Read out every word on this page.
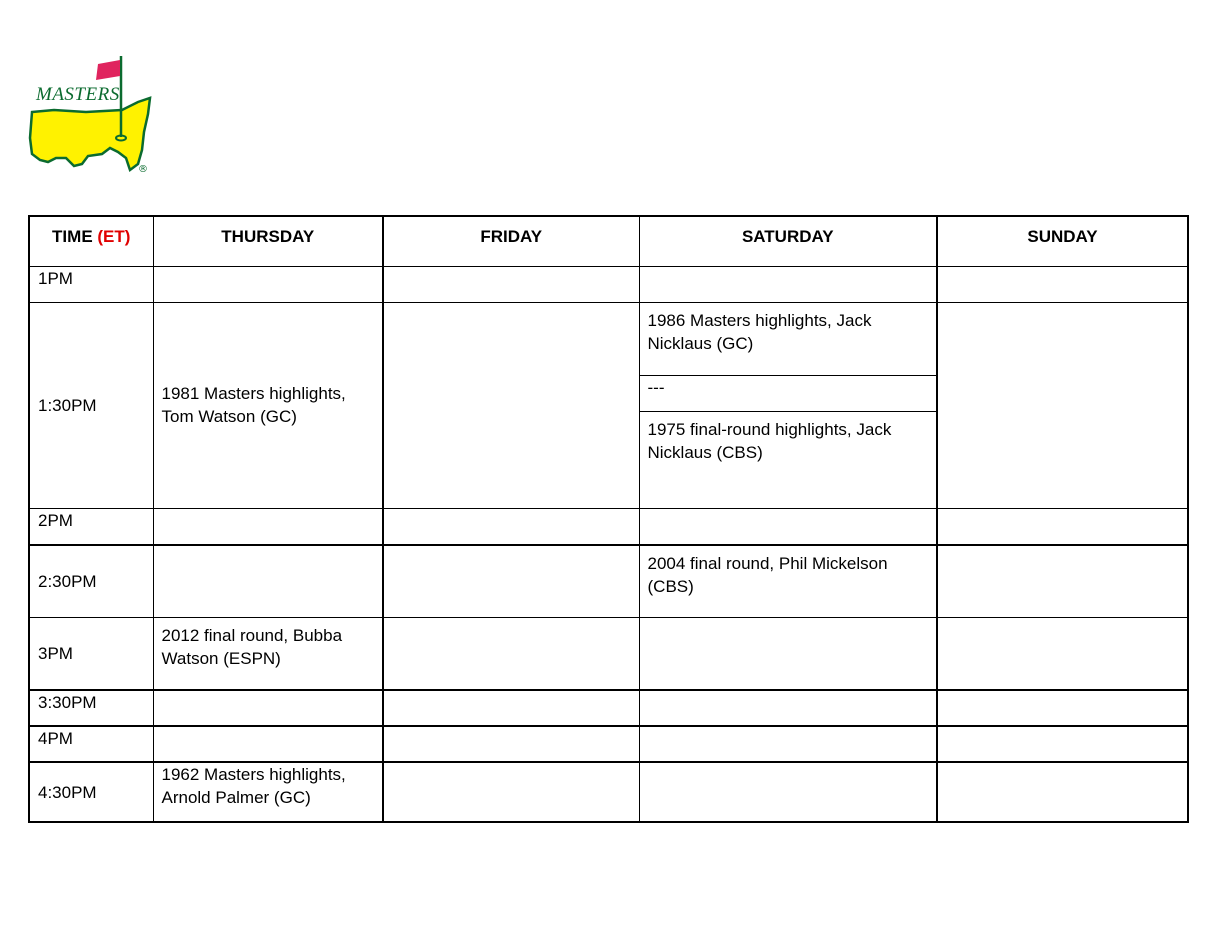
MASTERS
®
TIME (ET)	THURSDAY	FRIDAY	SATURDAY	SUNDAY
1PM				
1:30PM	1981 Masters highlights, Tom Watson (GC)		1986 Masters highlights, Jack Nicklaus (GC)	
			---	
			1975 final-round highlights, Jack Nicklaus (CBS)	
2PM				
2:30PM			2004 final round, Phil Mickelson (CBS)	
3PM	2012 final round, Bubba Watson (ESPN)			
3:30PM				
4PM				
4:30PM	1962 Masters highlights, Arnold Palmer (GC)			
